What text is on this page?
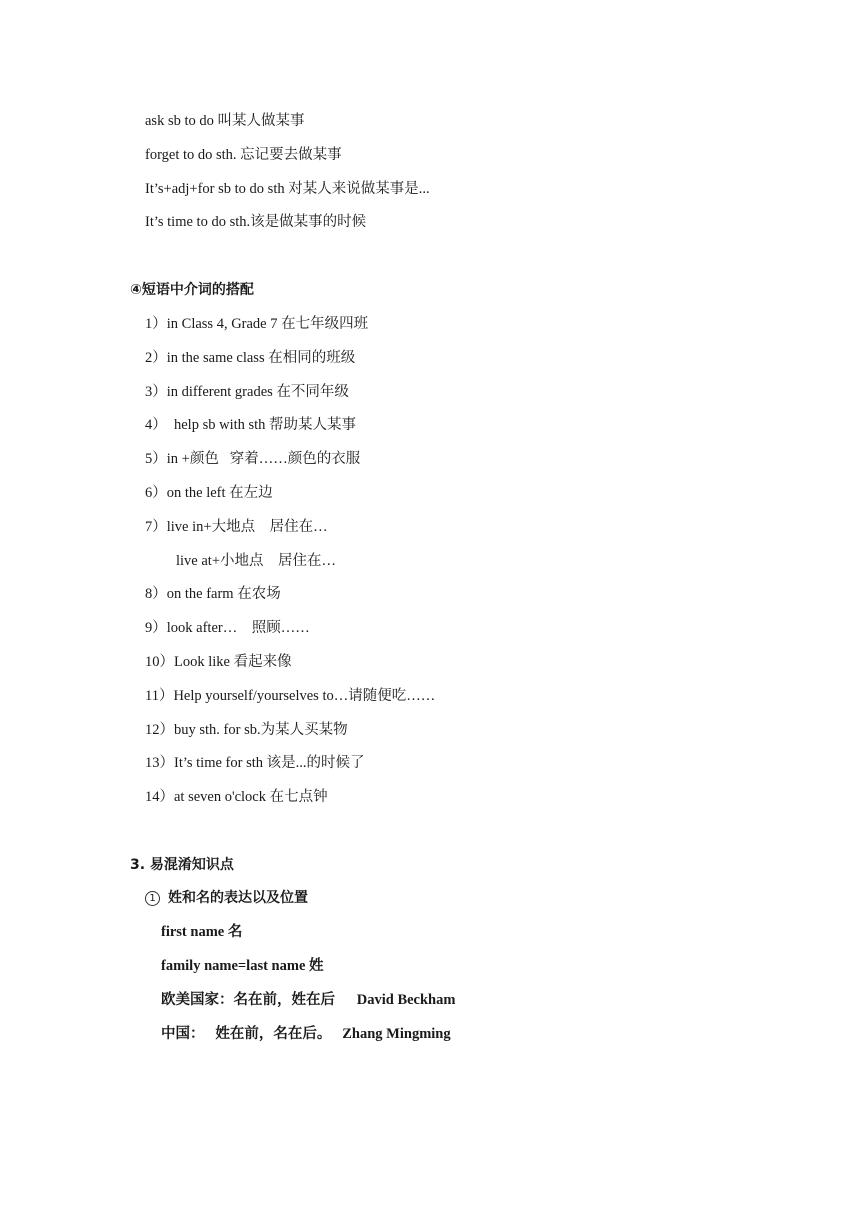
ask sb to do 叫某人做某事
forget to do sth. 忘记要去做某事
It’s+adj+for sb to do sth 对某人来说做某事是...
It’s time to do sth.该是做某事的时候
④短语中介词的搭配
1）in Class 4, Grade 7 在七年级四班
2）in the same class 在相同的班级
3）in different grades 在不同年级
4）  help sb with sth 帮助某人某事
5）in +颜色   穿着……颜色的衣服
6）on the left 在左边
7）live in+大地点    居住在…
live at+小地点    居住在…
8）on the farm 在农场
9）look after…    照顾……
10）Look like 看起来像
11）Help yourself/yourselves to…请随便吃……
12）buy sth. for sb.为某人买某物
13）It’s time for sth 该是...的时候了
14）at seven o'clock 在七点钟
3. 易混淆知识点
1 姓和名的表达以及位置
first name 名
family name=last name 姓
欧美国家：名在前，姓在后      David Beckham
中国：   姓在前，名在后。   Zhang Mingming
